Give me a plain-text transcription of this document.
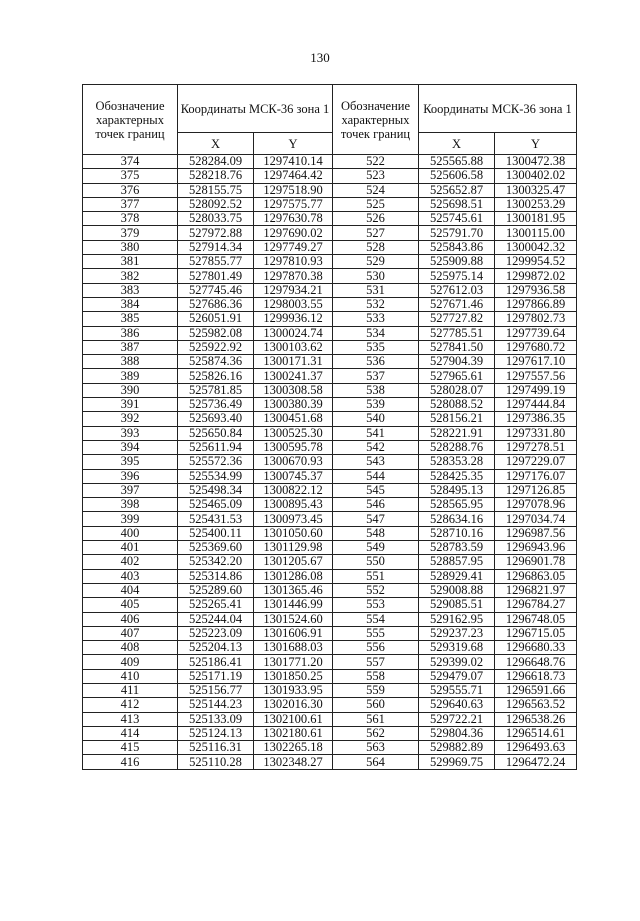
130
Обозначение характерных точек границ	Координаты МСК-36 зона 1		Обозначение характерных точек границ	Координаты МСК-36 зона 1	
	X	Y		X	Y
374	528284.09	1297410.14	522	525565.88	1300472.38
375	528218.76	1297464.42	523	525606.58	1300402.02
376	528155.75	1297518.90	524	525652.87	1300325.47
377	528092.52	1297575.77	525	525698.51	1300253.29
378	528033.75	1297630.78	526	525745.61	1300181.95
379	527972.88	1297690.02	527	525791.70	1300115.00
380	527914.34	1297749.27	528	525843.86	1300042.32
381	527855.77	1297810.93	529	525909.88	1299954.52
382	527801.49	1297870.38	530	525975.14	1299872.02
383	527745.46	1297934.21	531	527612.03	1297936.58
384	527686.36	1298003.55	532	527671.46	1297866.89
385	526051.91	1299936.12	533	527727.82	1297802.73
386	525982.08	1300024.74	534	527785.51	1297739.64
387	525922.92	1300103.62	535	527841.50	1297680.72
388	525874.36	1300171.31	536	527904.39	1297617.10
389	525826.16	1300241.37	537	527965.61	1297557.56
390	525781.85	1300308.58	538	528028.07	1297499.19
391	525736.49	1300380.39	539	528088.52	1297444.84
392	525693.40	1300451.68	540	528156.21	1297386.35
393	525650.84	1300525.30	541	528221.91	1297331.80
394	525611.94	1300595.78	542	528288.76	1297278.51
395	525572.36	1300670.93	543	528353.28	1297229.07
396	525534.99	1300745.37	544	528425.35	1297176.07
397	525498.34	1300822.12	545	528495.13	1297126.85
398	525465.09	1300895.43	546	528565.95	1297078.96
399	525431.53	1300973.45	547	528634.16	1297034.74
400	525400.11	1301050.60	548	528710.16	1296987.56
401	525369.60	1301129.98	549	528783.59	1296943.96
402	525342.20	1301205.67	550	528857.95	1296901.78
403	525314.86	1301286.08	551	528929.41	1296863.05
404	525289.60	1301365.46	552	529008.88	1296821.97
405	525265.41	1301446.99	553	529085.51	1296784.27
406	525244.04	1301524.60	554	529162.95	1296748.05
407	525223.09	1301606.91	555	529237.23	1296715.05
408	525204.13	1301688.03	556	529319.68	1296680.33
409	525186.41	1301771.20	557	529399.02	1296648.76
410	525171.19	1301850.25	558	529479.07	1296618.73
411	525156.77	1301933.95	559	529555.71	1296591.66
412	525144.23	1302016.30	560	529640.63	1296563.52
413	525133.09	1302100.61	561	529722.21	1296538.26
414	525124.13	1302180.61	562	529804.36	1296514.61
415	525116.31	1302265.18	563	529882.89	1296493.63
416	525110.28	1302348.27	564	529969.75	1296472.24
